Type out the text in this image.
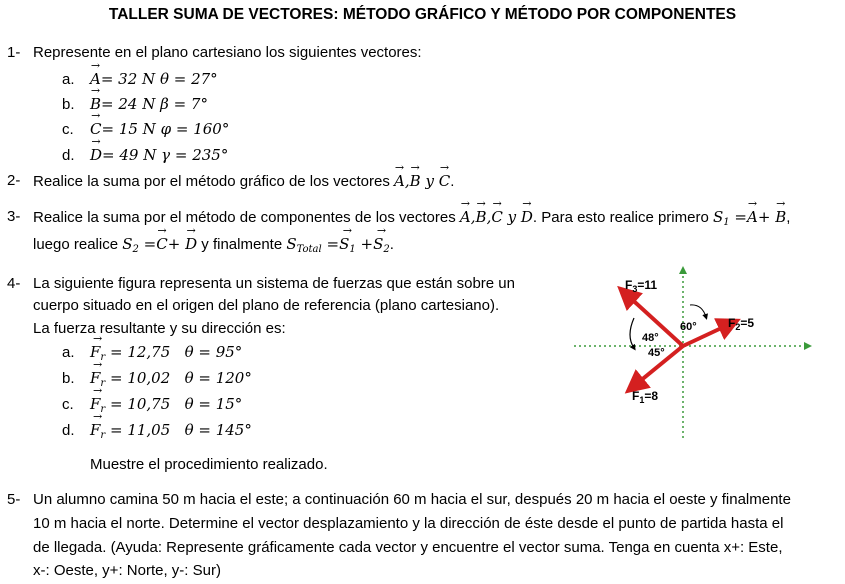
TALLER SUMA DE VECTORES: MÉTODO GRÁFICO Y MÉTODO POR COMPONENTES
1- Represente en el plano cartesiano los siguientes vectores:
a.→ A= 32 N θ = 27°
b.→ B= 24 N β = 7°
c.→ C= 15 N φ = 160°
d.→ D= 49 N γ = 235°
2- Realice la suma por el método gráfico de los vectores → A,→ B y → C.
3- Realice la suma por el método de componentes de los vectores → A,→ B,→ C y → D. Para esto realice primero $S_1 =\to A+ \to B$,
luego realice $S_2 =\to C+ \to D$ y finalmente $S_{Total} =\to S_1 +\to S_2$.
4- La siguiente figura representa un sistema de fuerzas que están sobre un
cuerpo situado en el origen del plano de referencia (plano cartesiano).
La fuerza resultante y su dirección es:
$a.\to F_r = 12,75$ θ = 95°
$b.\to F_r = 10,02$ θ = 120°
$c.\to F_r = 10,75$ θ = 15°
$d.\to F_r = 11,05$ θ = 145°
Muestre el procedimiento realizado.
$F_3=11$
$F_2=5$
$F_1=8$
60°
48°
45°
5- Un alumno camina 50 m hacia el este; a continuación 60 m hacia el sur, después 20 m hacia el oeste y finalmente
10 m hacia el norte. Determine el vector desplazamiento y la dirección de éste desde el punto de partida hasta el
de llegada. (Ayuda: Represente gráficamente cada vector y encuentre el vector suma. Tenga en cuenta x+: Este,
x-: Oeste, y+: Norte, y-: Sur)
